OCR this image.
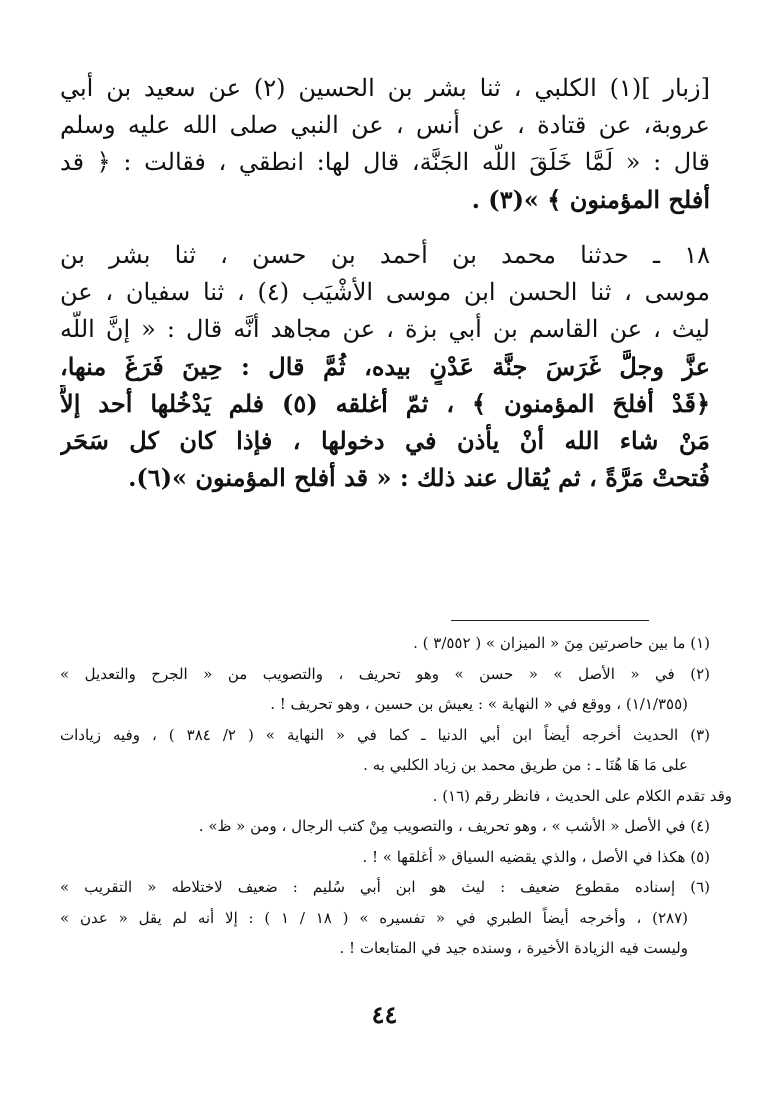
[زبار ](١) الكلبي ، ثنا بشر بن الحسين (٢) عن سعيد بن أبي
عروبة، عن قتادة ، عن أنس ، عن النبي صلى الله عليه وسلم
قال : « لَمَّا خَلَقَ اللَّه الجَنَّة، قال لها: انطقي ، فقالت : ﴿ قد
أفلح المؤمنون ﴾ »(٣) .
١٨ ـ حدثنا محمد بن أحمد بن حسن ، ثنا بشر بن
موسى ، ثنا الحسن ابن موسى الأشْيَب (٤) ، ثنا سفيان ، عن
ليث ، عن القاسم بن أبي بزة ، عن مجاهد أنَّه قال : « إنَّ اللَّه
عزَّ وجلَّ غَرَسَ جنَّة عَدْنٍ بيده، ثُمَّ قال : حِينَ فَرَغَ منها،
﴿قَدْ أفلحَ المؤمنون ﴾ ، ثمّ أغلقه (٥) فلم يَدْخُلها أحد إلاَّ
مَنْ شاء الله أنْ يأذن في دخولها ، فإذا كان كل سَحَر
فُتحتْ مَرَّةً ، ثم يُقال عند ذلك : « قد أفلح المؤمنون »(٦).
(١) ما بين حاصرتين مِنَ « الميزان » ( ٣/٥٥٢ ) .
(٢) في « الأصل » « حسن » وهو تحريف ، والتصويب من « الجرح والتعديل »
(١/١/٣٥٥) ، ووقع في « النهاية » : يعيش بن حسين ، وهو تحريف ! .
(٣) الحديث أخرجه أيضاً ابن أبي الدنيا ـ كما في « النهاية » ( ٢/ ٣٨٤ ) ، وفيه زيادات
على مَا هَا هُنَا ـ : من طريق محمد بن زياد الكلبي به .
وقد تقدم الكلام على الحديث ، فانظر رقم (١٦) .
(٤) في الأصل « الأشب » ، وهو تحريف ، والتصويب مِنْ كتب الرجال ، ومن « ظ» .
(٥) هكذا في الأصل ، والذي يقضيه السياق « أغلقها » ! .
(٦) إسناده مقطوع ضعيف : ليث هو ابن أبي سُليم : ضعيف لاختلاطه « التقريب »
(٢٨٧) ، وأخرجه أيضاً الطبري في « تفسيره » ( ١٨ / ١ ) : إلا أنه لم يقل « عدن »
وليست فيه الزيادة الأخيرة ، وسنده جيد في المتابعات ! .
٤٤
